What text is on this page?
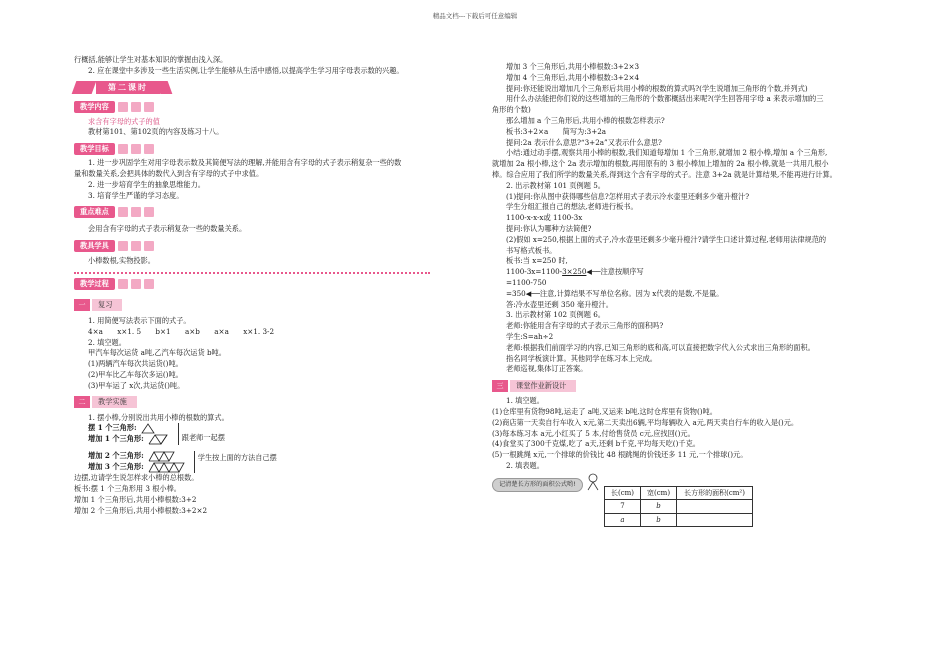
精品文档---下载后可任意编辑
行概括,能够让学生对基本知识的掌握由浅入深。
2. 应在课堂中多涉及一些生活实例,让学生能够从生活中感悟,以提高学生学习用字母表示数的兴趣。
第二课时
教学内容
求含有字母的式子的值
教材第101、第102页的内容及练习十八。
教学目标
1. 进一步巩固学生对用字母表示数及其简便写法的理解,并能用含有字母的式子表示稍复杂一些的数
量和数量关系,会把具体的数代入到含有字母的式子中求值。
2. 进一步培育学生的抽象思维能力。
3. 培育学生严谨的学习态度。
重点难点
会用含有字母的式子表示稍复杂一些的数量关系。
教具学具
小棒数根,实物投影。
教学过程
一	复习
1. 用简便写法表示下面的式子。
4×a　　x×1. 5　　b×1　　a×b　　a×a　　x×1. 3-2
2. 填空题。
甲汽车每次运货 a吨,乙汽车每次运货 b吨。
(1)两辆汽车每次共运货()吨。
(2)甲车比乙车每次多运()吨。
(3)甲车运了 x次,共运货()吨。
二	教学实施
1. 摆小棒,分别说出共用小棒的根数的算式。
摆 1 个三角形:
增加 1 个三角形:	跟老师一起摆
增加 2 个三角形:
增加 3 个三角形:
学生按上面的方法自己摆
边摆,边请学生说怎样求小棒的总根数。
板书:摆 1 个三角形用 3 根小棒。
增加 1 个三角形后,共用小棒根数:3+2
增加 2 个三角形后,共用小棒根数:3+2×2
增加 3 个三角形后,共用小棒根数:3+2×3
增加 4 个三角形后,共用小棒根数:3+2×4
提问:你还能说出增加几个三角形后共用小棒的根数的算式吗?(学生说增加三角形的个数,并列式)
用什么办法能把你们说的这些增加的三角形的个数都概括出来呢?(学生回答用字母 a 来表示增加的三
角形的个数)
那么增加 a 个三角形后,共用小棒的根数怎样表示?
板书:3+2×a　　简写为:3+2a
提问:2a 表示什么意思?“3+2a”又表示什么意思?
小结:通过动手摆,观察共用小棒的根数,我们知道每增加 1 个三角形,就增加 2 根小棒,增加 a 个三角形,
就增加 2a 根小棒,这个 2a 表示增加的根数,再用原有的 3 根小棒加上增加的 2a 根小棒,就是一共用几根小
棒。综合应用了我们所学的数量关系,得到这个含有字母的式子。注意 3+2a 就是计算结果,不能再进行计算。
2. 出示教材第 101 页例题 5。
(1)提问:你从图中获得哪些信息?怎样用式子表示冷水壶里还剩多少毫升橙汁?
学生分组汇报自己的想法,老师进行板书。
1100-x-x-x或 1100-3x
提问:你认为哪种方法简便?
(2)假如 x=250,根据上面的式子,冷水壶里还剩多少毫升橙汁?请学生口述计算过程,老师用法律规范的
书写格式板书。
板书:当 x=250 时,
1100-3x=1100-3×250◀──注意按顺序写
=1100-750
=350◀──注意,计算结果不写单位名称。因为 x代表的是数,不是量。
答:冷水壶里还剩 350 毫升橙汁。
3. 出示教材第 102 页例题 6。
老师:你能用含有字母的式子表示三角形的面积吗?
学生:S=ah÷2
老师:根据我们前面学习的内容,已知三角形的底和高,可以直接把数字代入公式求出三角形的面积。
指名同学板演计算。其他同学在练习本上完成。
老师巡视,集体订正答案。
三	课堂作业新设计
1. 填空题。
(1)仓库里有货物98吨,运走了 a吨,又运来 b吨,这时仓库里有货物()吨。
(2)商店第一天卖自行车收入 x元,第二天卖出6辆,平均每辆收入 a元,两天卖自行车的收入是()元。
(3)每本练习本 a元,小红买了 5 本,付给售货员 c元,应找回()元。
(4)食堂买了300千克煤,吃了 a天,还剩 b千克,平均每天吃()千克。
(5)一根跳绳 x元,一个排球的价钱比 48 根跳绳的价钱还多 11 元,一个排球()元。
2. 填表题。
记清楚长方形的面积公式哟!
长(cm)	宽(cm)	长方形的面积(cm²)
7	b	
a	b	
